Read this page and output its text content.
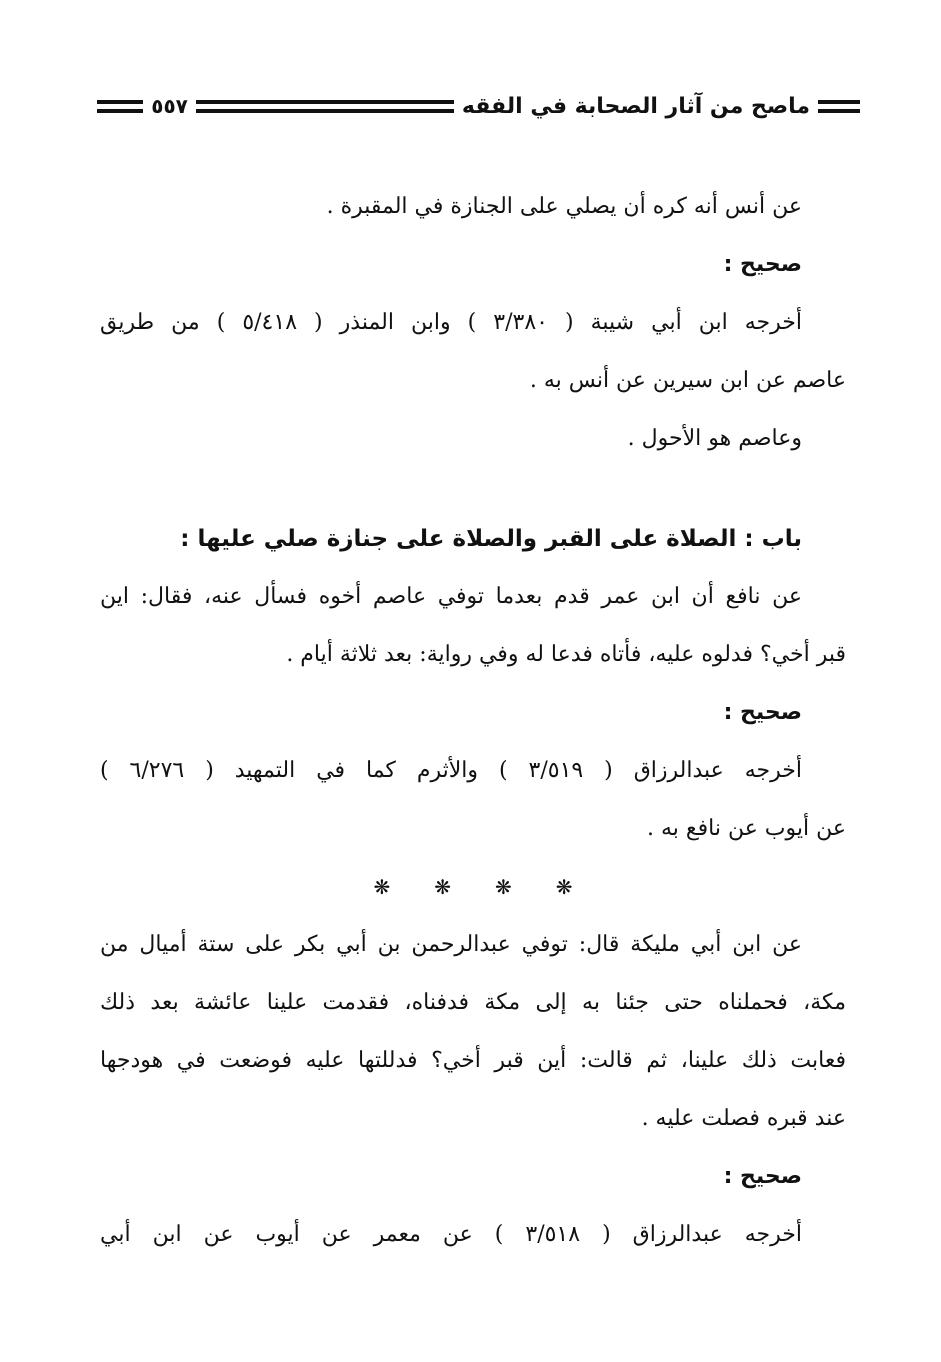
ماصح من آثار الصحابة في الفقه
٥٥٧
عن أنس أنه كره أن يصلي على الجنازة في المقبرة .
صحيح :
أخرجه ابن أبي شيبة ( ٣/٣٨٠ ) وابن المنذر ( ٥/٤١٨ ) من طريق
عاصم عن ابن سيرين عن أنس به .
وعاصم هو الأحول .
باب : الصلاة على القبر والصلاة على جنازة صلي عليها :
عن نافع أن ابن عمر قدم بعدما توفي عاصم أخوه فسأل عنه، فقال: اين
قبر أخي؟ فدلوه عليه، فأتاه فدعا له وفي رواية: بعد ثلاثة أيام .
صحيح :
أخرجه عبدالرزاق ( ٣/٥١٩ ) والأثرم كما في التمهيد ( ٦/٢٧٦ )
عن أيوب عن نافع به .
❋ ❋ ❋ ❋
عن ابن أبي مليكة قال: توفي عبدالرحمن بن أبي بكر على ستة أميال من
مكة، فحملناه حتى جئنا به إلى مكة فدفناه، فقدمت علينا عائشة بعد ذلك
فعابت ذلك علينا، ثم قالت: أين قبر أخي؟ فدللتها عليه فوضعت في هودجها
عند قبره فصلت عليه .
صحيح :
أخرجه عبدالرزاق ( ٣/٥١٨ ) عن معمر عن أيوب عن ابن أبي
